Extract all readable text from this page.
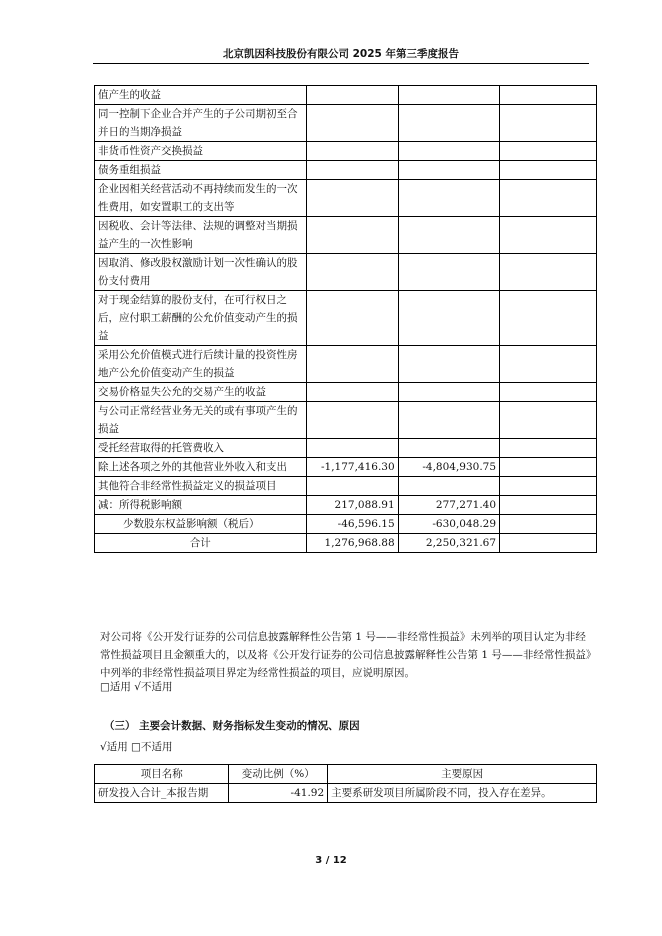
北京凯因科技股份有限公司 2025 年第三季度报告
值产生的收益			
同一控制下企业合并产生的子公司期初至合并日的当期净损益			
非货币性资产交换损益			
债务重组损益			
企业因相关经营活动不再持续而发生的一次性费用，如安置职工的支出等			
因税收、会计等法律、法规的调整对当期损益产生的一次性影响			
因取消、修改股权激励计划一次性确认的股份支付费用			
对于现金结算的股份支付，在可行权日之后，应付职工薪酬的公允价值变动产生的损益			
采用公允价值模式进行后续计量的投资性房地产公允价值变动产生的损益			
交易价格显失公允的交易产生的收益			
与公司正常经营业务无关的或有事项产生的损益			
受托经营取得的托管费收入			
除上述各项之外的其他营业外收入和支出	-1,177,416.30	-4,804,930.75	
其他符合非经常性损益定义的损益项目			
减：所得税影响额	217,088.91	277,271.40	
少数股东权益影响额（税后）	-46,596.15	-630,048.29	
合计	1,276,968.88	2,250,321.67	
对公司将《公开发行证券的公司信息披露解释性公告第 1 号——非经常性损益》未列举的项目认定为非经常性损益项目且金额重大的，以及将《公开发行证券的公司信息披露解释性公告第 1 号——非经常性损益》中列举的非经常性损益项目界定为经常性损益的项目，应说明原因。
□适用 √不适用
（三） 主要会计数据、财务指标发生变动的情况、原因
√适用 □不适用
项目名称	变动比例（%）	主要原因
研发投入合计_本报告期	-41.92	主要系研发项目所属阶段不同，投入存在差异。
3 / 12
